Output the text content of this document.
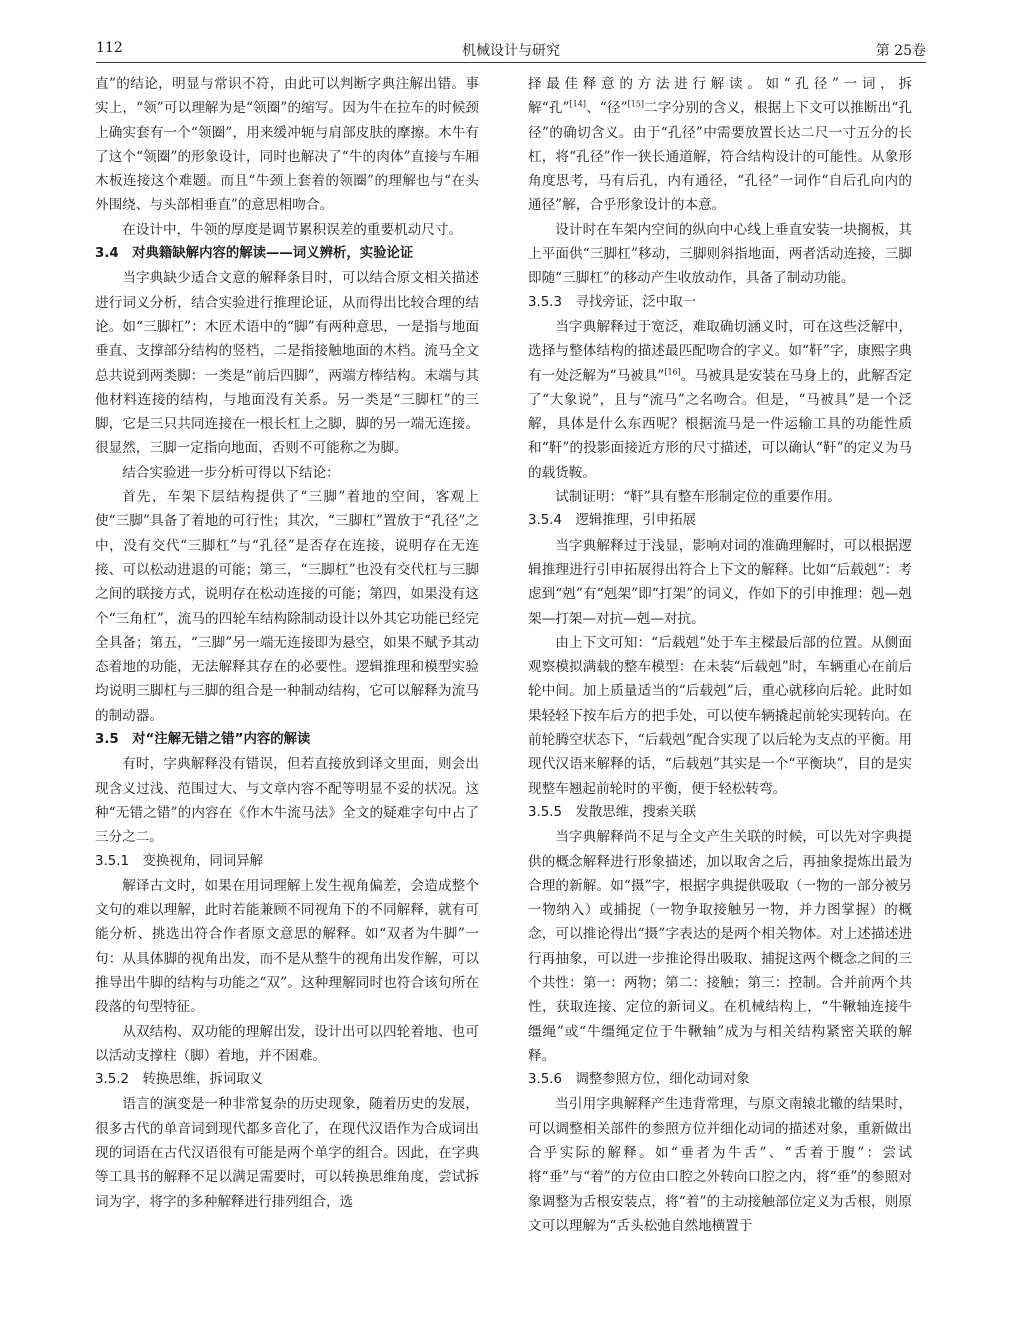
112	机械设计与研究	第 25卷

直”的结论，明显与常识不符，由此可以判断字典注解出错。事实上，“领”可以理解为是“领圈”的缩写。因为牛在拉车的时候颈上确实套有一个“领圈”，用来缓冲轭与肩部皮肤的摩擦。木牛有了这个“领圈”的形象设计，同时也解决了“牛的肉体”直接与车厢木板连接这个难题。而且“牛颈上套着的领圈”的理解也与“在头外围绕、与头部相垂直”的意思相吻合。

在设计中，牛领的厚度是调节累积误差的重要机动尺寸。

3.4　对典籍缺解内容的解读——词义辨析，实验论证

当字典缺少适合文意的解释条目时，可以结合原文相关描述进行词义分析，结合实验进行推理论证，从而得出比较合理的结论。如“三脚杠”：木匠术语中的“脚”有两种意思，一是指与地面垂直、支撑部分结构的竖档，二是指接触地面的木档。流马全文总共说到两类脚：一类是“前后四脚”，两端方棒结构。末端与其他材料连接的结构，与地面没有关系。另一类是“三脚杠”的三脚，它是三只共同连接在一根长杠上之脚，脚的另一端无连接。很显然，三脚一定指向地面，否则不可能称之为脚。

结合实验进一步分析可得以下结论：

首先，车架下层结构提供了“三脚”着地的空间，客观上使“三脚”具备了着地的可行性；其次，“三脚杠”置放于“孔径”之中，没有交代“三脚杠”与“孔径”是否存在连接，说明存在无连接、可以松动进退的可能；第三，“三脚杠”也没有交代杠与三脚之间的联接方式，说明存在松动连接的可能；第四，如果没有这个“三角杠”，流马的四轮车结构除制动设计以外其它功能已经完全具备；第五，“三脚”另一端无连接即为悬空，如果不赋予其动态着地的功能，无法解释其存在的必要性。逻辑推理和模型实验均说明三脚杠与三脚的组合是一种制动结构，它可以解释为流马的制动器。

3.5　对“注解无错之错”内容的解读

有时，字典解释没有错误，但若直接放到译文里面，则会出现含义过浅、范围过大、与文章内容不配等明显不妥的状况。这种“无错之错”的内容在《作木牛流马法》全文的疑难字句中占了三分之二。

3.5.1　变换视角，同词异解

解译古文时，如果在用词理解上发生视角偏差，会造成整个文句的难以理解，此时若能兼顾不同视角下的不同解释，就有可能分析、挑选出符合作者原文意思的解释。如“双者为牛脚”一句：从具体脚的视角出发，而不是从整牛的视角出发作解，可以推导出牛脚的结构与功能之“双”。这种理解同时也符合该句所在段落的句型特征。

从双结构、双功能的理解出发，设计出可以四轮着地、也可以活动支撑柱（脚）着地，并不困难。

3.5.2　转换思维，拆词取义

语言的演变是一种非常复杂的历史现象，随着历史的发展，很多古代的单音词到现代都多音化了，在现代汉语作为合成词出现的词语在古代汉语很有可能是两个单字的组合。因此，在字典等工具书的解释不足以满足需要时，可以转换思维角度，尝试拆词为字，将字的多种解释进行排列组合，选

择最佳释意的方法进行解读。如“孔径”一词，拆解“孔”[14]、“径”[15]二字分别的含义，根据上下文可以推断出“孔径”的确切含义。由于“孔径”中需要放置长达二尺一寸五分的长杠，将“孔径”作一狭长通道解，符合结构设计的可能性。从象形角度思考，马有后孔，内有通径，“孔径”一词作“自后孔向内的通径”解，合乎形象设计的本意。

设计时在车架内空间的纵向中心线上垂直安装一块搁板，其上平面供“三脚杠”移动，三脚则斜指地面，两者活动连接，三脚即随“三脚杠”的移动产生收放动作，具备了制动功能。

3.5.3　寻找旁证，泛中取一

当字典解释过于宽泛，难取确切涵义时，可在这些泛解中，选择与整体结构的描述最匹配吻合的字义。如“靬”字，康熙字典有一处泛解为“马被具”[16]。马被具是安装在马身上的，此解否定了“大象说”，且与“流马”之名吻合。但是，“马被具”是一个泛解，具体是什么东西呢？根据流马是一件运输工具的功能性质和“靬”的投影面接近方形的尺寸描述，可以确认“靬”的定义为马的载货鞍。

试制证明：“靬”具有整车形制定位的重要作用。

3.5.4　逻辑推理，引申拓展

当字典解释过于浅显，影响对词的准确理解时，可以根据逻辑推理进行引申拓展得出符合上下文的解释。比如“后载剋”：考虑到“剋”有“剋架”即“打架”的词义，作如下的引申推理：剋—剋架—打架—对抗—剋—对抗。

由上下文可知：“后载剋”处于车主樑最后部的位置。从侧面观察模拟满载的整车模型：在未装“后载剋”时，车辆重心在前后轮中间。加上质量适当的“后载剋”后，重心就移向后轮。此时如果轻轻下按车后方的把手处，可以使车辆撬起前轮实现转向。在前轮腾空状态下，“后载剋”配合实现了以后轮为支点的平衡。用现代汉语来解释的话，“后载剋”其实是一个“平衡块”，目的是实现整车翘起前轮时的平衡，便于轻松转弯。

3.5.5　发散思维，搜索关联

当字典解释尚不足与全文产生关联的时候，可以先对字典提供的概念解释进行形象描述，加以取舍之后，再抽象提炼出最为合理的新解。如“摄”字，根据字典提供吸取（一物的一部分被另一物纳入）或捕捉（一物争取接触另一物，并力图掌握）的概念，可以推论得出“摄”字表达的是两个相关物体。对上述描述进行再抽象，可以进一步推论得出吸取、捕捉这两个概念之间的三个共性：第一：两物；第二：接触；第三：控制。合并前两个共性，获取连接、定位的新词义。在机械结构上，“牛鞦轴连接牛缰绳”或“牛缰绳定位于牛鞦轴”成为与相关结构紧密关联的解释。

3.5.6　调整参照方位，细化动词对象

当引用字典解释产生违背常理，与原文南辕北辙的结果时，可以调整相关部件的参照方位并细化动词的描述对象，重新做出合乎实际的解释。如“垂者为牛舌”、“舌着于腹”：尝试将“垂”与“着”的方位由口腔之外转向口腔之内，将“垂”的参照对象调整为舌根安装点，将“着”的主动接触部位定义为舌根，则原文可以理解为“舌头松弛自然地横置于
